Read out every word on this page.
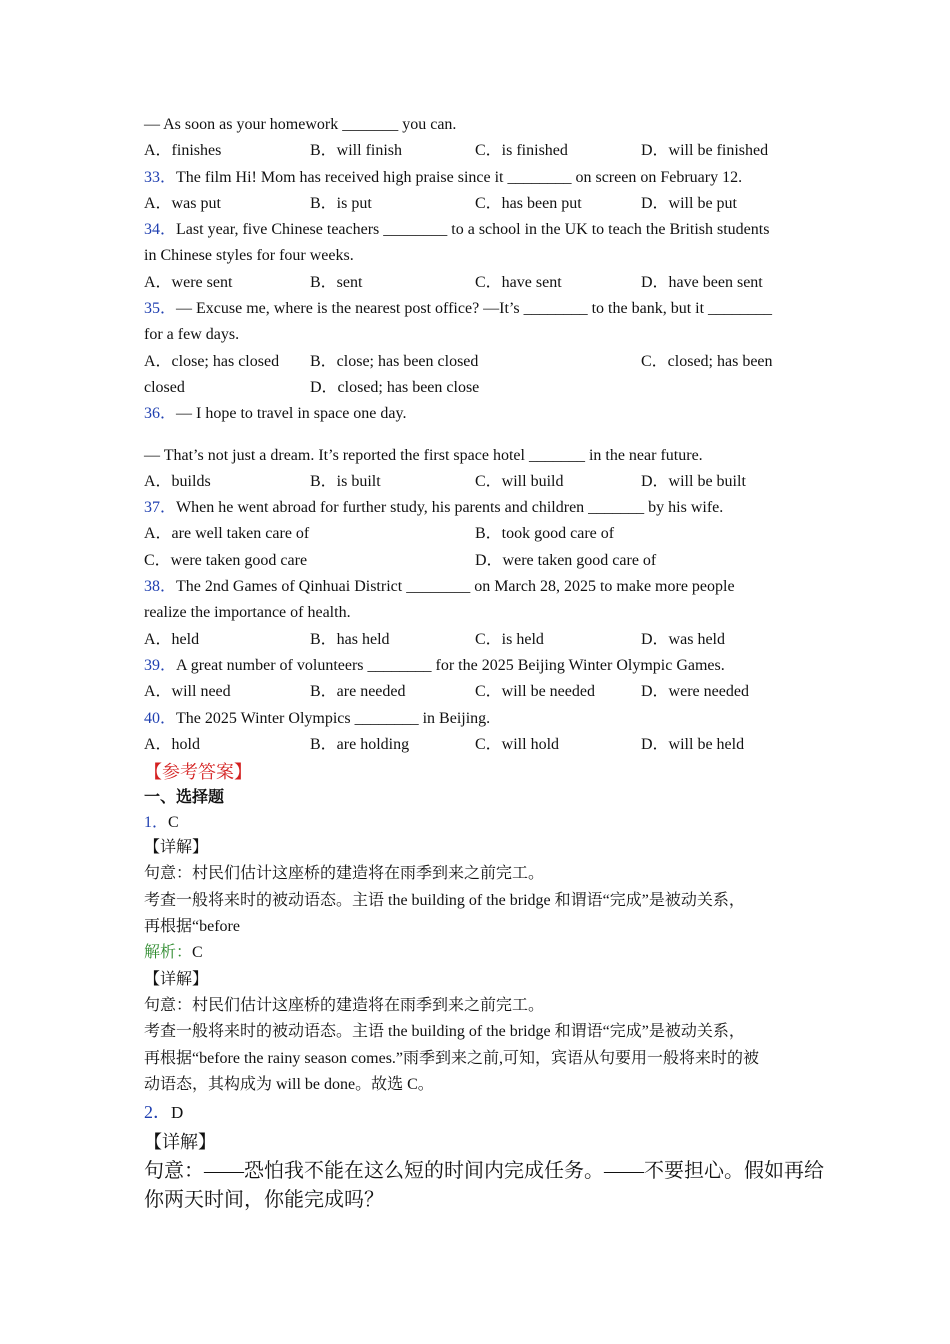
— As soon as your homework _______ you can.
A．finishes	B．will finish	C．is finished	D．will be finished
33．The film Hi! Mom has received high praise since it ________ on screen on February 12.
A．was put	B．is put	C．has been put	D．will be put
34．Last year, five Chinese teachers ________ to a school in the UK to teach the British students
in Chinese styles for four weeks.
A．were sent	B．sent	C．have sent	D．have been sent
35．— Excuse me, where is the nearest post office? —It’s ________ to the bank, but it ________
for a few days.
A．close; has closed B．close; has been closed	C．closed; has been
closed	D．closed; has been close
36．— I hope to travel in space one day.
— That’s not just a dream. It’s reported the first space hotel _______ in the near future.
A．builds	B．is built	C．will build	D．will be built
37．When he went abroad for further study, his parents and children _______ by his wife.
A．are well taken care of	B．took good care of
C．were taken good care	D．were taken good care of
38．The 2nd Games of Qinhuai District ________ on March 28, 2025 to make more people
realize the importance of health.
A．held	B．has held	C．is held	D．was held
39．A great number of volunteers ________ for the 2025 Beijing Winter Olympic Games.
A．will need	B．are needed	C．will be needed	D．were needed
40．The 2025 Winter Olympics ________ in Beijing.
A．hold	B．are holding	C．will hold	D．will be held
【参考答案】
一、选择题
1．C
【详解】
句意：村民们估计这座桥的建造将在雨季到来之前完工。
考查一般将来时的被动语态。主语 the building of the bridge 和谓语“完成”是被动关系，
再根据“before
解析：C
【详解】
句意：村民们估计这座桥的建造将在雨季到来之前完工。
考查一般将来时的被动语态。主语 the building of the bridge 和谓语“完成”是被动关系，
再根据“before the rainy season comes.”雨季到来之前,可知，宾语从句要用一般将来时的被
动语态，其构成为 will be done。故选 C。
2．D
【详解】
句意：——恐怕我不能在这么短的时间内完成任务。——不要担心。假如再给
你两天时间，你能完成吗？
